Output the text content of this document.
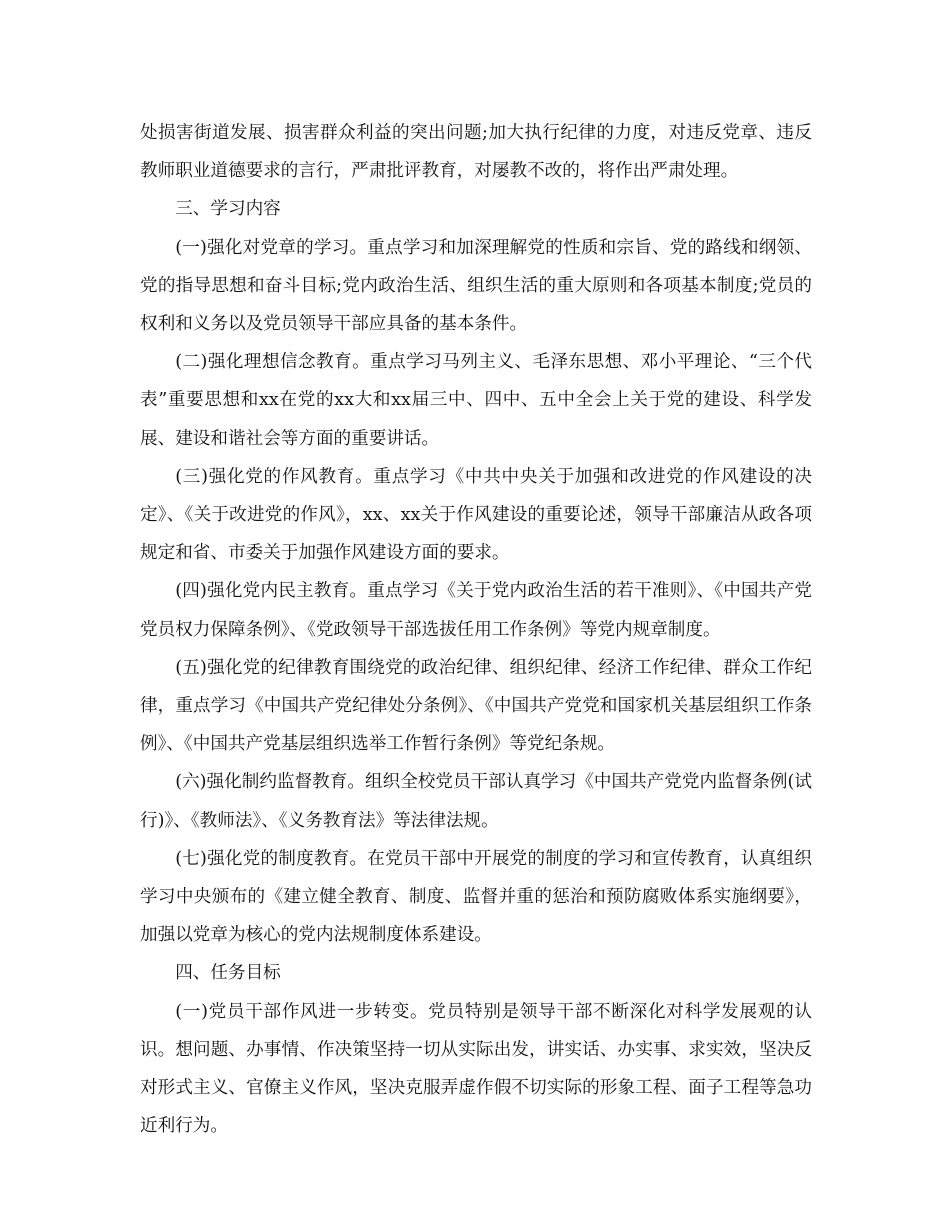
处损害街道发展、损害群众利益的突出问题;加大执行纪律的力度，对违反党章、违反教师职业道德要求的言行，严肃批评教育，对屡教不改的，将作出严肃处理。

三、学习内容

(一)强化对党章的学习。重点学习和加深理解党的性质和宗旨、党的路线和纲领、党的指导思想和奋斗目标;党内政治生活、组织生活的重大原则和各项基本制度;党员的权利和义务以及党员领导干部应具备的基本条件。

(二)强化理想信念教育。重点学习马列主义、毛泽东思想、邓小平理论、“三个代表”重要思想和xx在党的xx大和xx届三中、四中、五中全会上关于党的建设、科学发展、建设和谐社会等方面的重要讲话。

(三)强化党的作风教育。重点学习《中共中央关于加强和改进党的作风建设的决定》、《关于改进党的作风》，xx、xx关于作风建设的重要论述，领导干部廉洁从政各项规定和省、市委关于加强作风建设方面的要求。

(四)强化党内民主教育。重点学习《关于党内政治生活的若干准则》、《中国共产党党员权力保障条例》、《党政领导干部选拔任用工作条例》等党内规章制度。

(五)强化党的纪律教育围绕党的政治纪律、组织纪律、经济工作纪律、群众工作纪律，重点学习《中国共产党纪律处分条例》、《中国共产党党和国家机关基层组织工作条例》、《中国共产党基层组织选举工作暂行条例》等党纪条规。

(六)强化制约监督教育。组织全校党员干部认真学习《中国共产党党内监督条例(试行)》、《教师法》、《义务教育法》等法律法规。

(七)强化党的制度教育。在党员干部中开展党的制度的学习和宣传教育，认真组织学习中央颁布的《建立健全教育、制度、监督并重的惩治和预防腐败体系实施纲要》，加强以党章为核心的党内法规制度体系建设。

四、任务目标

(一)党员干部作风进一步转变。党员特别是领导干部不断深化对科学发展观的认识。想问题、办事情、作决策坚持一切从实际出发，讲实话、办实事、求实效，坚决反对形式主义、官僚主义作风，坚决克服弄虚作假不切实际的形象工程、面子工程等急功近利行为。
